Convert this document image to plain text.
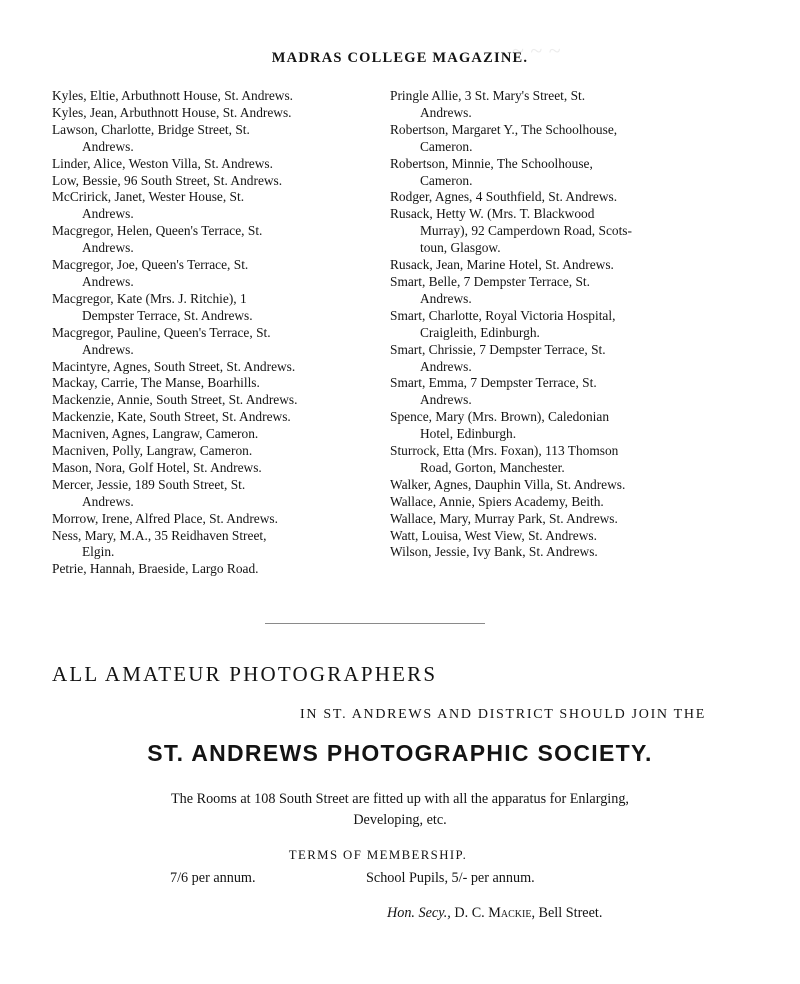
~ ~ ~
MADRAS COLLEGE MAGAZINE.
Kyles, Eltie, Arbuthnott House, St. Andrews.
Kyles, Jean, Arbuthnott House, St. Andrews.
Lawson, Charlotte, Bridge Street, St.
Andrews.
Linder, Alice, Weston Villa, St. Andrews.
Low, Bessie, 96 South Street, St. Andrews.
McCririck, Janet, Wester House, St.
Andrews.
Macgregor, Helen, Queen's Terrace, St.
Andrews.
Macgregor, Joe, Queen's Terrace, St.
Andrews.
Macgregor, Kate (Mrs. J. Ritchie), 1
Dempster Terrace, St. Andrews.
Macgregor, Pauline, Queen's Terrace, St.
Andrews.
Macintyre, Agnes, South Street, St. Andrews.
Mackay, Carrie, The Manse, Boarhills.
Mackenzie, Annie, South Street, St. Andrews.
Mackenzie, Kate, South Street, St. Andrews.
Macniven, Agnes, Langraw, Cameron.
Macniven, Polly, Langraw, Cameron.
Mason, Nora, Golf Hotel, St. Andrews.
Mercer, Jessie, 189 South Street, St.
Andrews.
Morrow, Irene, Alfred Place, St. Andrews.
Ness, Mary, M.A., 35 Reidhaven Street,
Elgin.
Petrie, Hannah, Braeside, Largo Road.
Pringle Allie, 3 St. Mary's Street, St.
Andrews.
Robertson, Margaret Y., The Schoolhouse,
Cameron.
Robertson, Minnie, The Schoolhouse,
Cameron.
Rodger, Agnes, 4 Southfield, St. Andrews.
Rusack, Hetty W. (Mrs. T. Blackwood
Murray), 92 Camperdown Road, Scots-
toun, Glasgow.
Rusack, Jean, Marine Hotel, St. Andrews.
Smart, Belle, 7 Dempster Terrace, St.
Andrews.
Smart, Charlotte, Royal Victoria Hospital,
Craigleith, Edinburgh.
Smart, Chrissie, 7 Dempster Terrace, St.
Andrews.
Smart, Emma, 7 Dempster Terrace, St.
Andrews.
Spence, Mary (Mrs. Brown), Caledonian
Hotel, Edinburgh.
Sturrock, Etta (Mrs. Foxan), 113 Thomson
Road, Gorton, Manchester.
Walker, Agnes, Dauphin Villa, St. Andrews.
Wallace, Annie, Spiers Academy, Beith.
Wallace, Mary, Murray Park, St. Andrews.
Watt, Louisa, West View, St. Andrews.
Wilson, Jessie, Ivy Bank, St. Andrews.
ALL AMATEUR PHOTOGRAPHERS
IN ST. ANDREWS AND DISTRICT SHOULD JOIN THE
ST. ANDREWS PHOTOGRAPHIC SOCIETY.
The Rooms at 108 South Street are fitted up with all the apparatus for Enlarging,
Developing, etc.
TERMS OF MEMBERSHIP.
7/6 per annum.	School Pupils, 5/- per annum.
Hon. Secy., D. C. Mackie, Bell Street.
